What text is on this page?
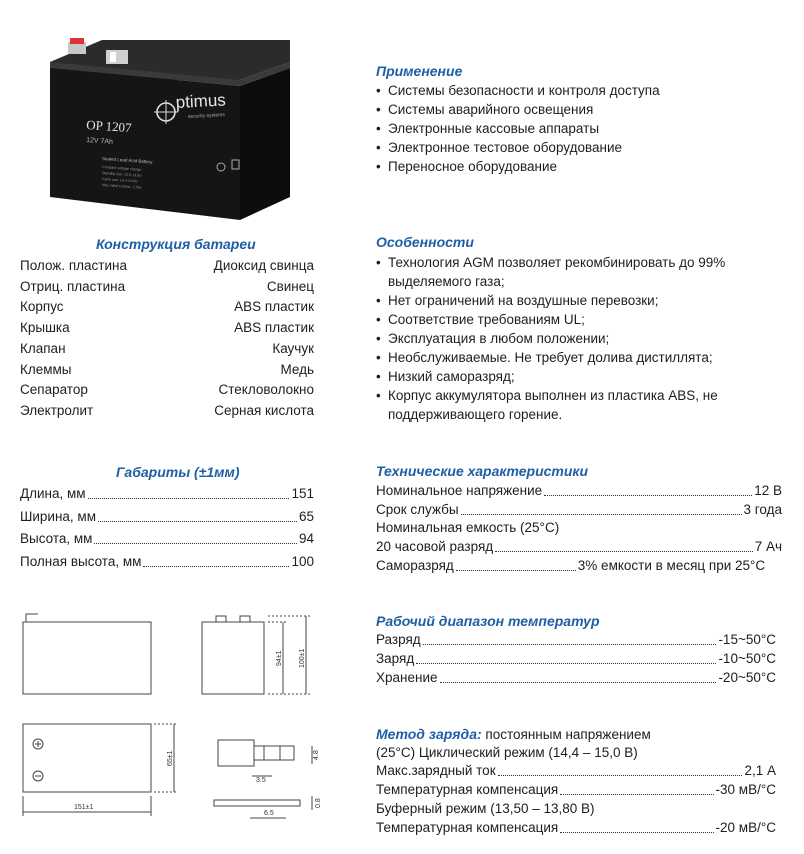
ptimus
security systems
OP 1207
12V 7Ah
Sealed Lead Acid Battery
Constant voltage charge:
Standby use: 13.5-13.8V
Cycle use: 14.4-14.9V
Max initial current: 1.75A
Конструкция батареи
Полож. пластина	Диоксид свинца
Отриц. пластина	Свинец
Корпус	ABS пластик
Крышка	ABS пластик
Клапан	Каучук
Клеммы	Медь
Сепаратор	Стекловолокно
Электролит	Серная кислота
Габариты (±1мм)
Длина, мм	151
Ширина, мм	65
Высота, мм	94
Полная высота, мм	100
94±1 100±1
65±1
151±1
3.5
4.8
6.5
0.8
Применение
• Системы безопасности и контроля доступа
• Системы аварийного освещения
• Электронные кассовые аппараты
• Электронное тестовое оборудование
• Переносное оборудование
Особенности
• Технология AGM позволяет рекомбинировать до 99%
выделяемого газа;
• Нет ограничений на воздушные перевозки;
• Соответствие требованиям UL;
• Эксплуатация в любом положении;
• Необслуживаемые. Не требует долива дистиллята;
• Низкий саморазряд;
• Корпус аккумулятора выполнен из пластика ABS, не
поддерживающего горение.
Технические характеристики
Номинальное напряжение	12 В
Срок службы	3 года
Номинальная емкость (25°С)
20 часовой разряд	7 Ач
Саморазряд	3% емкости в месяц при 25°С
Рабочий диапазон температур
Разряд	-15~50°С
Заряд	-10~50°С
Хранение	-20~50°С
Метод заряда: постоянным напряжением
(25°С) Циклический режим (14,4 – 15,0 В)
Макс.зарядный ток	2,1 А
Температурная компенсация	-30 мВ/°С
Буферный режим (13,50 – 13,80 В)
Температурная компенсация	-20 мВ/°С
